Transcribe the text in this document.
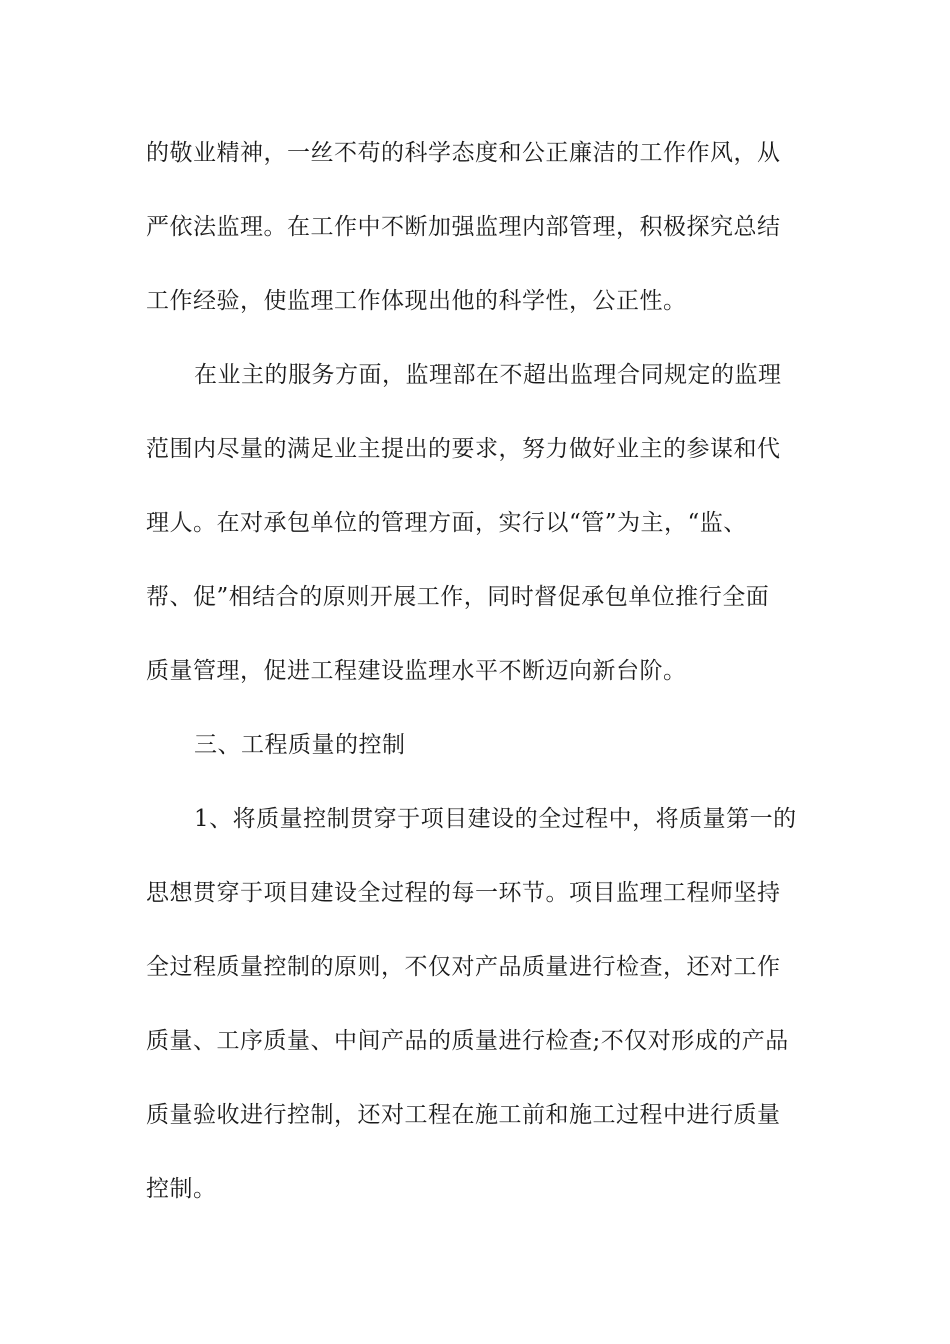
的敬业精神，一丝不苟的科学态度和公正廉洁的工作作风，从
严依法监理。在工作中不断加强监理内部管理，积极探究总结
工作经验，使监理工作体现出他的科学性，公正性。
在业主的服务方面，监理部在不超出监理合同规定的监理
范围内尽量的满足业主提出的要求，努力做好业主的参谋和代
理人。在对承包单位的管理方面，实行以“管”为主，“监、
帮、促”相结合的原则开展工作，同时督促承包单位推行全面
质量管理，促进工程建设监理水平不断迈向新台阶。
三、工程质量的控制
1、将质量控制贯穿于项目建设的全过程中，将质量第一的
思想贯穿于项目建设全过程的每一环节。项目监理工程师坚持
全过程质量控制的原则，不仅对产品质量进行检查，还对工作
质量、工序质量、中间产品的质量进行检查;不仅对形成的产品
质量验收进行控制，还对工程在施工前和施工过程中进行质量
控制。
